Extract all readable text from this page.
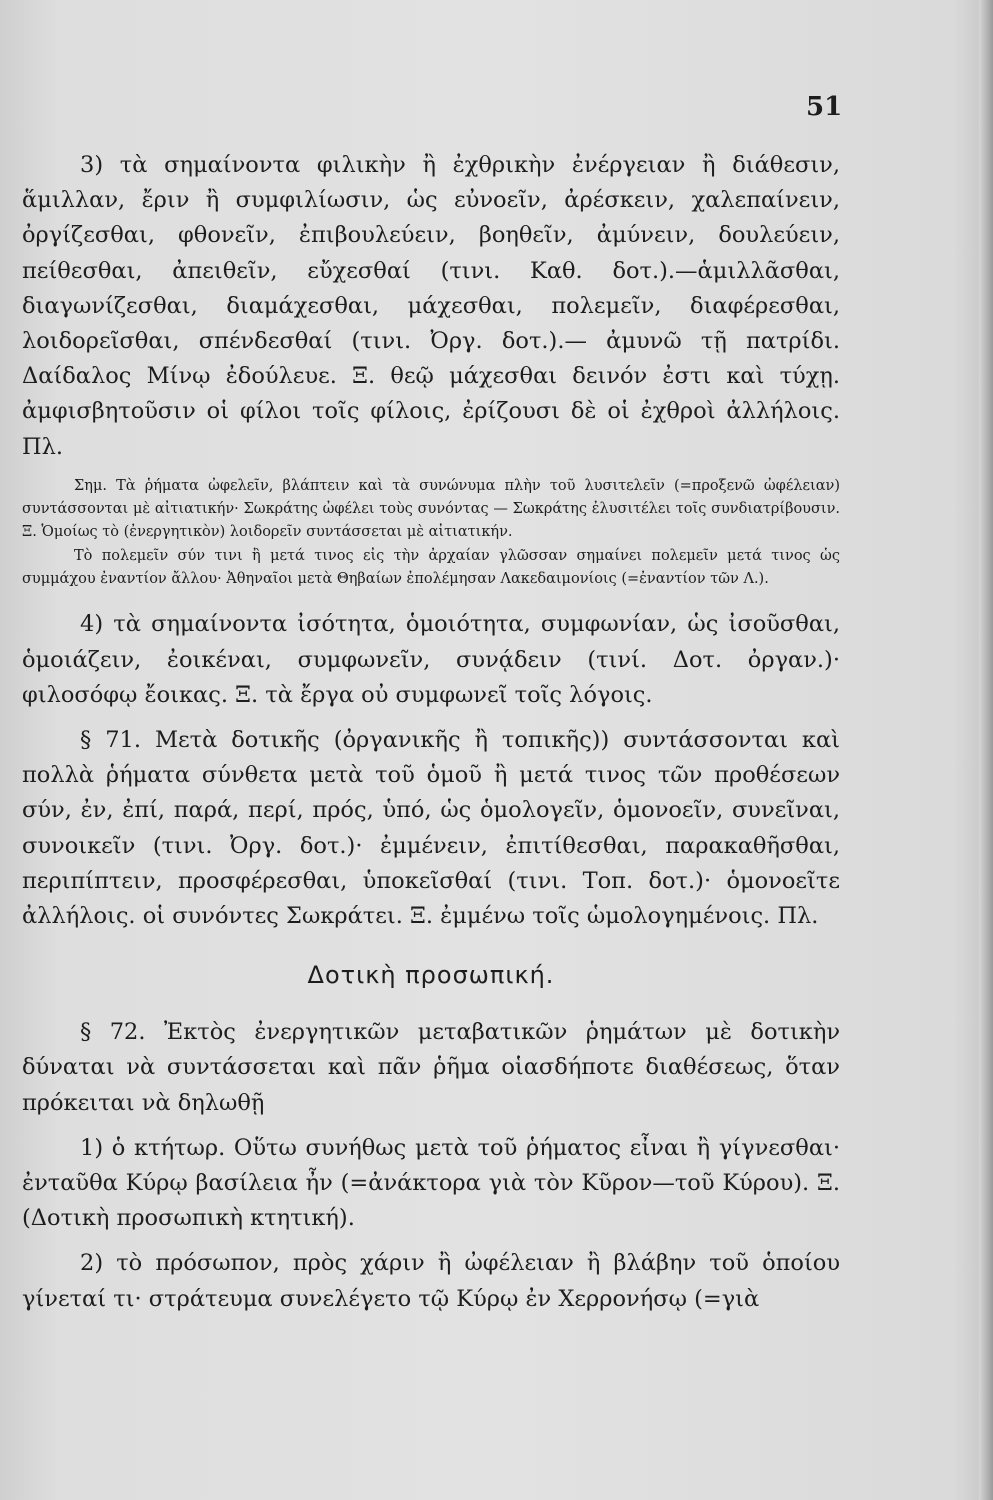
51

3) τὰ σημαίνοντα φιλικὴν ἢ ἐχθρικὴν ἐνέργειαν ἢ διάθεσιν, ἅμιλλαν, ἔριν ἢ συμφιλίωσιν, ὡς εὐνοεῖν, ἀρέσκειν, χαλεπαίνειν, ὀργίζεσθαι, φθονεῖν, ἐπιβουλεύειν, βοηθεῖν, ἀμύνειν, δουλεύειν, πείθεσθαι, ἀπειθεῖν, εὔχεσθαί (τινι. Καθ. δοτ.).—ἁμιλλᾶσθαι, διαγωνίζεσθαι, διαμάχεσθαι, μάχεσθαι, πολεμεῖν, διαφέρεσθαι, λοιδορεῖσθαι, σπένδεσθαί (τινι. Ὀργ. δοτ.).— ἀμυνῶ τῇ πατρίδι. Δαίδαλος Μίνῳ ἐδούλευε. Ξ. θεῷ μάχεσθαι δεινόν ἐστι καὶ τύχῃ. ἀμφισβητοῦσιν οἱ φίλοι τοῖς φίλοις, ἐρίζουσι δὲ οἱ ἐχθροὶ ἀλλήλοις. Πλ.

Σημ. Τὰ ῥήματα ὠφελεῖν, βλάπτειν καὶ τὰ συνώνυμα πλὴν τοῦ λυσιτελεῖν (=προξενῶ ὠφέλειαν) συντάσσονται μὲ αἰτιατικήν· Σωκράτης ὠφέλει τοὺς συνόντας — Σωκράτης ἐλυσιτέλει τοῖς συνδιατρίβουσιν. Ξ. Ὁμοίως τὸ (ἐνεργητικὸν) λοιδορεῖν συντάσσεται μὲ αἰτιατικήν.

Τὸ πολεμεῖν σύν τινι ἢ μετά τινος εἰς τὴν ἀρχαίαν γλῶσσαν σημαίνει πολεμεῖν μετά τινος ὡς συμμάχου ἐναντίον ἄλλου· Ἀθηναῖοι μετὰ Θηβαίων ἐπολέμησαν Λακεδαιμονίοις (=ἐναντίον τῶν Λ.).

4) τὰ σημαίνοντα ἰσότητα, ὁμοιότητα, συμφωνίαν, ὡς ἰσοῦσθαι, ὁμοιάζειν, ἐοικέναι, συμφωνεῖν, συνᾴδειν (τινί. Δοτ. ὀργαν.)· φιλοσόφῳ ἔοικας. Ξ. τὰ ἔργα οὐ συμφωνεῖ τοῖς λόγοις.

§ 71. Μετὰ δοτικῆς (ὀργανικῆς ἢ τοπικῆς)) συντάσσονται καὶ πολλὰ ῥήματα σύνθετα μετὰ τοῦ ὁμοῦ ἢ μετά τινος τῶν προθέσεων σύν, ἐν, ἐπί, παρά, περί, πρός, ὑπό, ὡς ὁμολογεῖν, ὁμονοεῖν, συνεῖναι, συνοικεῖν (τινι. Ὀργ. δοτ.)· ἐμμένειν, ἐπιτίθεσθαι, παρακαθῆσθαι, περιπίπτειν, προσφέρεσθαι, ὑποκεῖσθαί (τινι. Τοπ. δοτ.)· ὁμονοεῖτε ἀλλήλοις. οἱ συνόντες Σωκράτει. Ξ. ἐμμένω τοῖς ὡμολογημένοις. Πλ.

Δοτικὴ προσωπική.

§ 72. Ἐκτὸς ἐνεργητικῶν μεταβατικῶν ῥημάτων μὲ δοτικὴν δύναται νὰ συντάσσεται καὶ πᾶν ῥῆμα οἱασδήποτε διαθέσεως, ὅταν πρόκειται νὰ δηλωθῇ

1) ὁ κτήτωρ. Οὕτω συνήθως μετὰ τοῦ ῥήματος εἶναι ἢ γίγνεσθαι· ἐνταῦθα Κύρῳ βασίλεια ἦν (=ἀνάκτορα γιὰ τὸν Κῦρον—τοῦ Κύρου). Ξ. (Δοτικὴ προσωπικὴ κτητική).

2) τὸ πρόσωπον, πρὸς χάριν ἢ ὠφέλειαν ἢ βλάβην τοῦ ὁποίου γίνεταί τι· στράτευμα συνελέγετο τῷ Κύρῳ ἐν Χερρονήσῳ (=γιὰ
